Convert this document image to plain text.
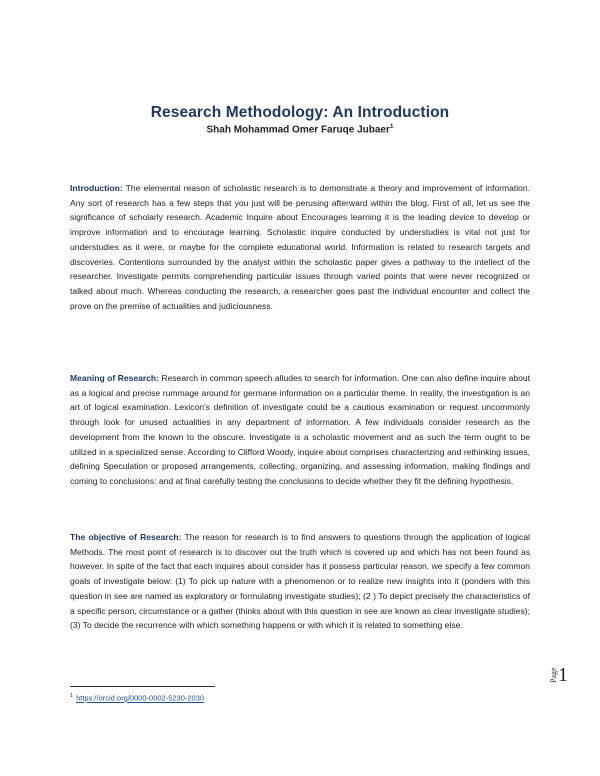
Research Methodology: An Introduction
Shah Mohammad Omer Faruqe Jubaer$^1$

Introduction: The elemental reason of scholastic research is to demonstrate a theory and improvement of information. Any sort of research has a few steps that you just will be perusing afterward within the blog. First of all, let us see the significance of scholarly research. Academic Inquire about Encourages learning it is the leading device to develop or improve information and to encourage learning. Scholastic inquire conducted by understudies is vital not just for understudies as it were, or maybe for the complete educational world. Information is related to research targets and discoveries. Contentions surrounded by the analyst within the scholastic paper gives a pathway to the intellect of the researcher. Investigate permits comprehending particular issues through varied points that were never recognized or talked about much. Whereas conducting the research, a researcher goes past the individual encounter and collect the prove on the premise of actualities and judiciousness.

Meaning of Research: Research in common speech alludes to search for information. One can also define inquire about as a logical and precise rummage around for germane information on a particular theme. In reality, the investigation is an art of logical examination. Lexicon's definition of investigate could be a cautious examination or request uncommonly through look for unused actualities in any department of information. A few individuals consider research as the development from the known to the obscure. Investigate is a scholastic movement and as such the term ought to be utilized in a specialized sense. According to Clifford Woody, inquire about comprises characterizing and rethinking issues, defining Speculation or proposed arrangements, collecting, organizing, and assessing information, making findings and coming to conclusions: and at final carefully testing the conclusions to decide whether they fit the defining hypothesis.

The objective of Research: The reason for research is to find answers to questions through the application of logical Methods. The most point of research is to discover out the truth which is covered up and which has not been found as however. In spite of the fact that each inquires about consider has it possess particular reason, we specify a few common goals of investigate below: (1) To pick up nature with a phenomenon or to realize new insights into it (ponders with this question in see are named as exploratory or formulating investigate studies); (2 ) To depict precisely the characteristics of a specific person, circumstance or a gather (thinks about with this question in see are known as clear investigate studies); (3) To decide the recurrence with which something happens or with which it is related to something else.

$^1$ https://orcid.org/0000-0002-5230-2030
Page 1
